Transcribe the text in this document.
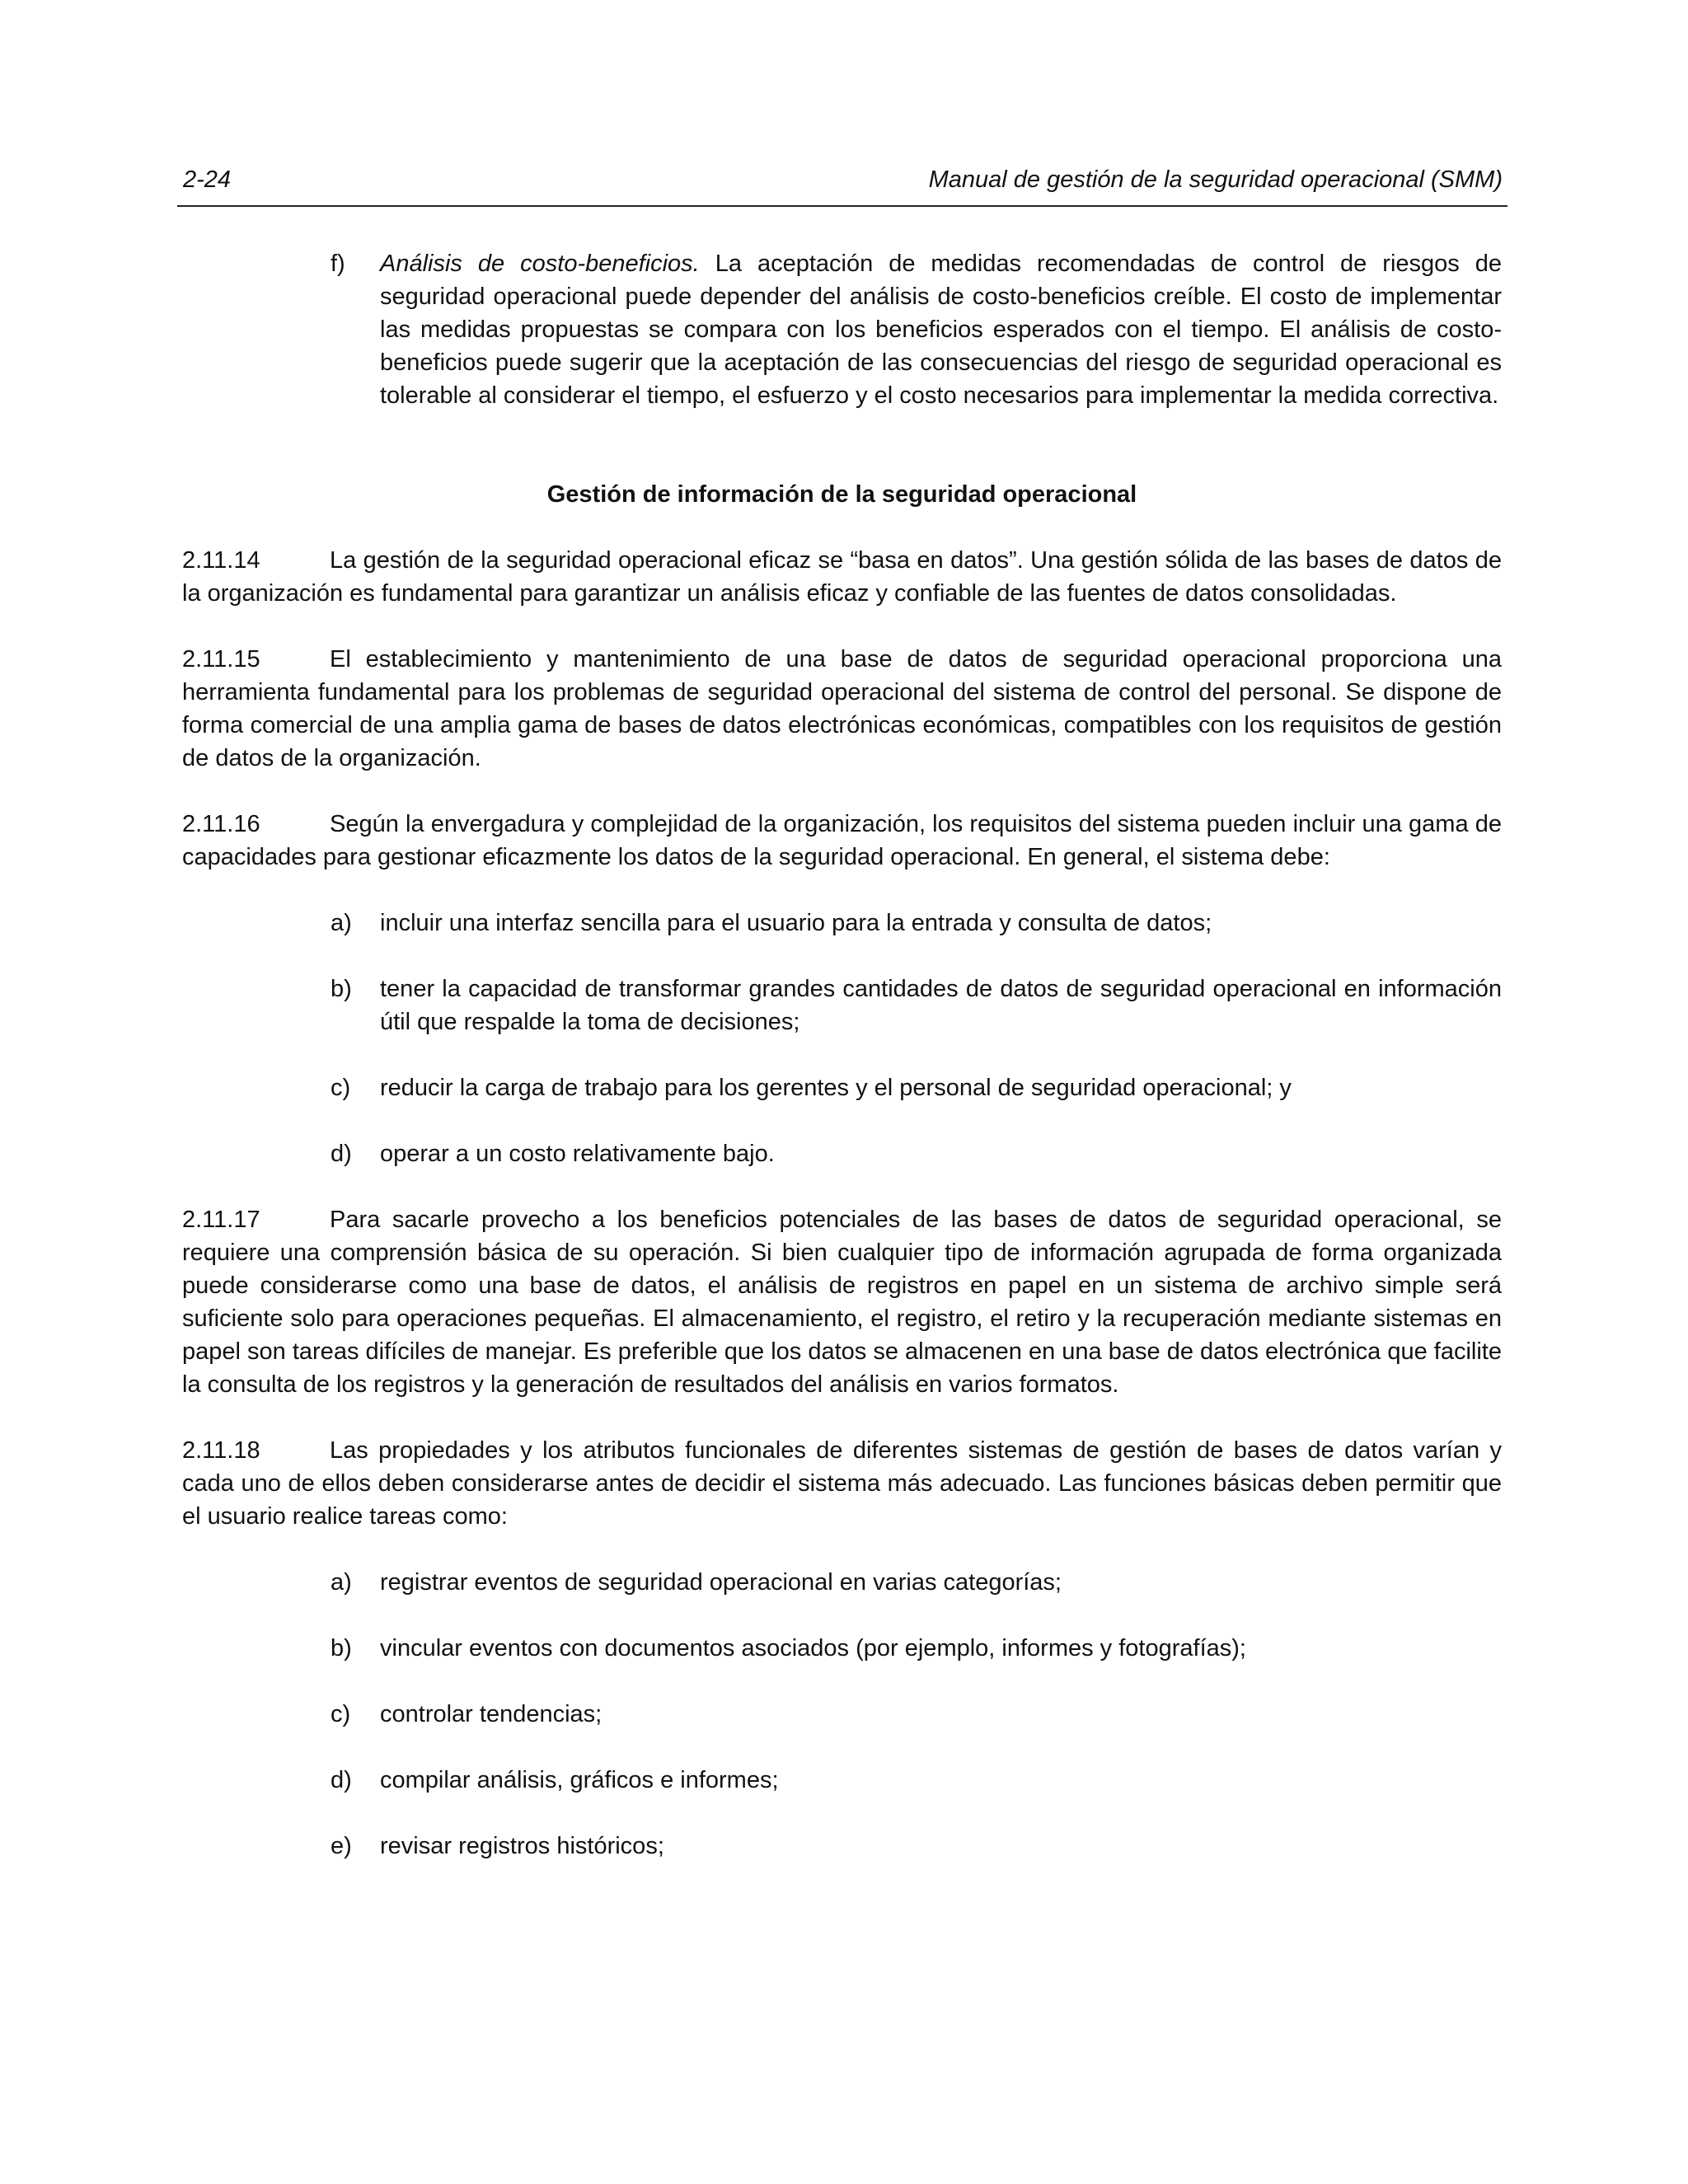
2-24	Manual de gestión de la seguridad operacional (SMM)
f) Análisis de costo-beneficios. La aceptación de medidas recomendadas de control de riesgos de seguridad operacional puede depender del análisis de costo-beneficios creíble. El costo de implementar las medidas propuestas se compara con los beneficios esperados con el tiempo. El análisis de costo-beneficios puede sugerir que la aceptación de las consecuencias del riesgo de seguridad operacional es tolerable al considerar el tiempo, el esfuerzo y el costo necesarios para implementar la medida correctiva.
Gestión de información de la seguridad operacional
2.11.14	La gestión de la seguridad operacional eficaz se “basa en datos”. Una gestión sólida de las bases de datos de la organización es fundamental para garantizar un análisis eficaz y confiable de las fuentes de datos consolidadas.
2.11.15	El establecimiento y mantenimiento de una base de datos de seguridad operacional proporciona una herramienta fundamental para los problemas de seguridad operacional del sistema de control del personal. Se dispone de forma comercial de una amplia gama de bases de datos electrónicas económicas, compatibles con los requisitos de gestión de datos de la organización.
2.11.16	Según la envergadura y complejidad de la organización, los requisitos del sistema pueden incluir una gama de capacidades para gestionar eficazmente los datos de la seguridad operacional. En general, el sistema debe:
a) incluir una interfaz sencilla para el usuario para la entrada y consulta de datos;
b) tener la capacidad de transformar grandes cantidades de datos de seguridad operacional en información útil que respalde la toma de decisiones;
c) reducir la carga de trabajo para los gerentes y el personal de seguridad operacional; y
d) operar a un costo relativamente bajo.
2.11.17	Para sacarle provecho a los beneficios potenciales de las bases de datos de seguridad operacional, se requiere una comprensión básica de su operación. Si bien cualquier tipo de información agrupada de forma organizada puede considerarse como una base de datos, el análisis de registros en papel en un sistema de archivo simple será suficiente solo para operaciones pequeñas. El almacenamiento, el registro, el retiro y la recuperación mediante sistemas en papel son tareas difíciles de manejar. Es preferible que los datos se almacenen en una base de datos electrónica que facilite la consulta de los registros y la generación de resultados del análisis en varios formatos.
2.11.18	Las propiedades y los atributos funcionales de diferentes sistemas de gestión de bases de datos varían y cada uno de ellos deben considerarse antes de decidir el sistema más adecuado. Las funciones básicas deben permitir que el usuario realice tareas como:
a) registrar eventos de seguridad operacional en varias categorías;
b) vincular eventos con documentos asociados (por ejemplo, informes y fotografías);
c) controlar tendencias;
d) compilar análisis, gráficos e informes;
e) revisar registros históricos;
